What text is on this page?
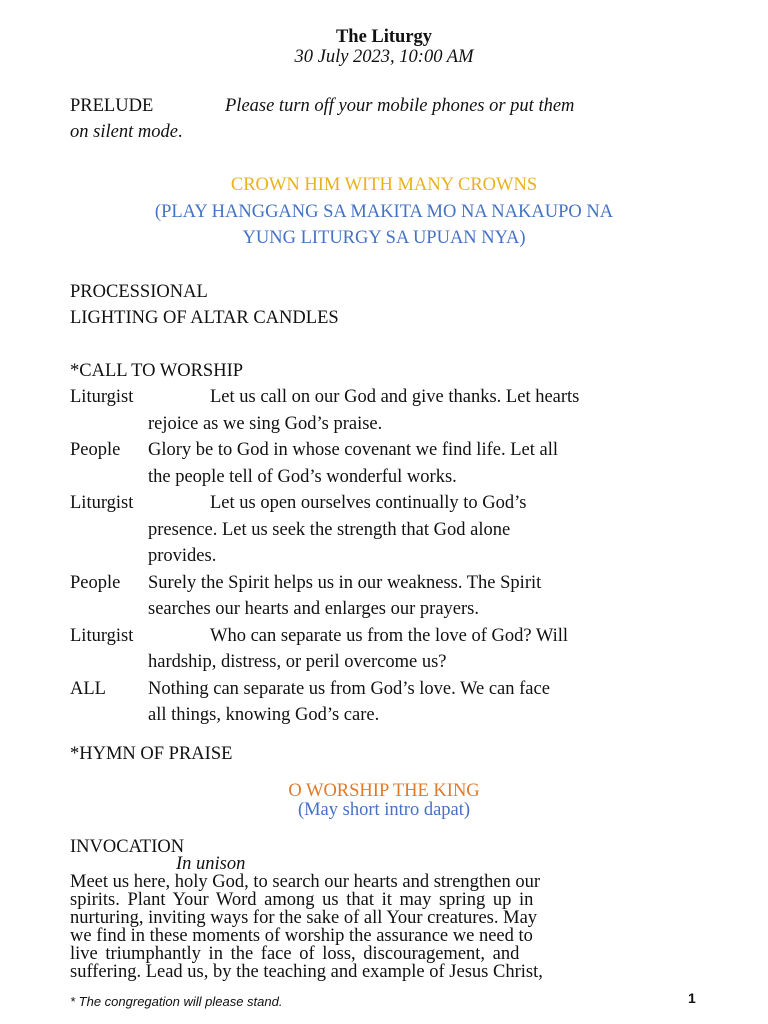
The Liturgy
30 July 2023, 10:00 AM
PRELUDE	Please turn off your mobile phones or put them
on silent mode.
CROWN HIM WITH MANY CROWNS
(PLAY HANGGANG SA MAKITA MO NA NAKAUPO NA
YUNG LITURGY SA UPUAN NYA)
PROCESSIONAL
LIGHTING OF ALTAR CANDLES
*CALL TO WORSHIP
Liturgist	Let us call on our God and give thanks. Let hearts
rejoice as we sing God’s praise.
People Glory be to God in whose covenant we find life. Let all
the people tell of God’s wonderful works.
Liturgist	Let us open ourselves continually to God’s
presence. Let us seek the strength that God alone
provides.
People Surely the Spirit helps us in our weakness. The Spirit
searches our hearts and enlarges our prayers.
Liturgist	Who can separate us from the love of God? Will
hardship, distress, or peril overcome us?
ALL Nothing can separate us from God’s love. We can face
all things, knowing God’s care.
*HYMN OF PRAISE
O WORSHIP THE KING
(May short intro dapat)
INVOCATION
In unison
Meet us here, holy God, to search our hearts and strengthen our
spirits. Plant Your Word among us that it may spring up in
nurturing, inviting ways for the sake of all Your creatures. May
we find in these moments of worship the assurance we need to
live triumphantly in the face of loss, discouragement, and
suffering. Lead us, by the teaching and example of Jesus Christ,
* The congregation will please stand.	1
